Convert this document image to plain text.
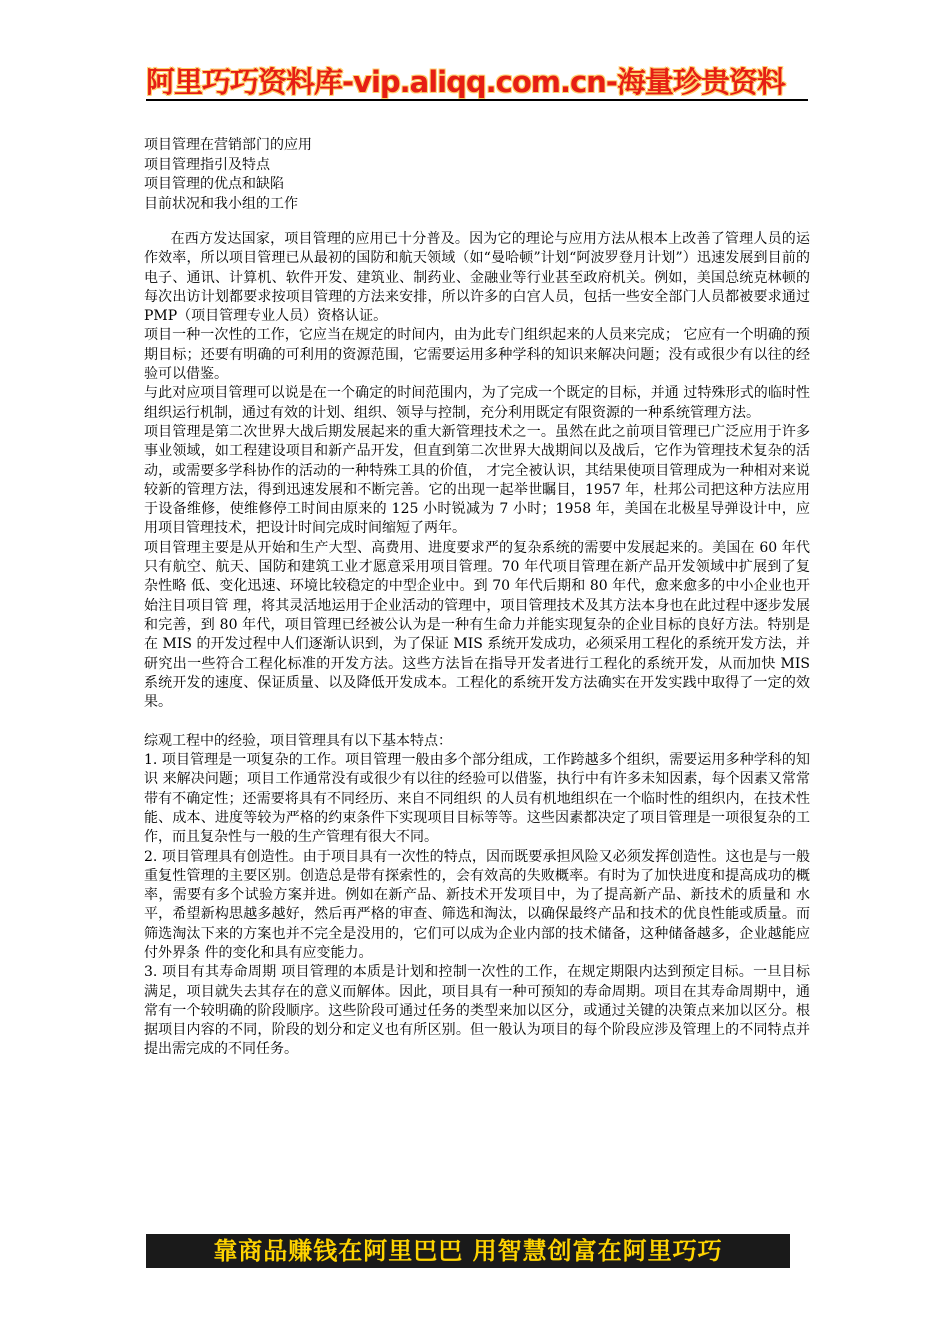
阿里巧巧资料库-vip.aliqq.com.cn-海量珍贵资料
项目管理在营销部门的应用
项目管理指引及特点
项目管理的优点和缺陷
目前状况和我小组的工作

在西方发达国家，项目管理的应用已十分普及。因为它的理论与应用方法从根本上改善了管理人员的运作效率，所以项目管理已从最初的国防和航天领域（如“曼哈顿”计划“阿波罗登月计划”）迅速发展到目前的电子、通讯、计算机、软件开发、建筑业、制药业、金融业等行业甚至政府机关。例如，美国总统克林顿的每次出访计划都要求按项目管理的方法来安排，所以许多的白宫人员，包括一些安全部门人员都被要求通过 PMP（项目管理专业人员）资格认证。

项目一种一次性的工作，它应当在规定的时间内，由为此专门组织起来的人员来完成； 它应有一个明确的预期目标；还要有明确的可利用的资源范围，它需要运用多种学科的知识来解决问题；没有或很少有以往的经验可以借鉴。

与此对应项目管理可以说是在一个确定的时间范围内，为了完成一个既定的目标，并通 过特殊形式的临时性组织运行机制，通过有效的计划、组织、领导与控制，充分利用既定有限资源的一种系统管理方法。

项目管理是第二次世界大战后期发展起来的重大新管理技术之一。虽然在此之前项目管理已广泛应用于许多事业领域，如工程建设项目和新产品开发，但直到第二次世界大战期间以及战后，它作为管理技术复杂的活动，或需要多学科协作的活动的一种特殊工具的价值， 才完全被认识，其结果使项目管理成为一种相对来说较新的管理方法，得到迅速发展和不断完善。它的出现一起举世瞩目，1957 年，杜邦公司把这种方法应用于设备维修，使维修停工时间由原来的 125 小时锐减为 7 小时；1958 年，美国在北极星导弹设计中，应用项目管理技术，把设计时间完成时间缩短了两年。

项目管理主要是从开始和生产大型、高费用、进度要求严的复杂系统的需要中发展起来的。美国在 60 年代只有航空、航天、国防和建筑工业才愿意采用项目管理。70 年代项目管理在新产品开发领域中扩展到了复杂性略 低、变化迅速、环境比较稳定的中型企业中。到 70 年代后期和 80 年代，愈来愈多的中小企业也开始注目项目管 理，将其灵活地运用于企业活动的管理中，项目管理技术及其方法本身也在此过程中逐步发展和完善，到 80 年代，项目管理已经被公认为是一种有生命力并能实现复杂的企业目标的良好方法。特别是在 MIS 的开发过程中人们逐渐认识到，为了保证 MIS 系统开发成功，必须采用工程化的系统开发方法，并研究出一些符合工程化标准的开发方法。这些方法旨在指导开发者进行工程化的系统开发，从而加快 MIS 系统开发的速度、保证质量、以及降低开发成本。工程化的系统开发方法确实在开发实践中取得了一定的效果。

综观工程中的经验，项目管理具有以下基本特点：

1. 项目管理是一项复杂的工作。项目管理一般由多个部分组成，工作跨越多个组织，需要运用多种学科的知识 来解决问题；项目工作通常没有或很少有以往的经验可以借鉴，执行中有许多未知因素，每个因素又常常带有不确定性；还需要将具有不同经历、来自不同组织 的人员有机地组织在一个临时性的组织内，在技术性能、成本、进度等较为严格的约束条件下实现项目目标等等。这些因素都决定了项目管理是一项很复杂的工作，而且复杂性与一般的生产管理有很大不同。

2. 项目管理具有创造性。由于项目具有一次性的特点，因而既要承担风险又必须发挥创造性。这也是与一般重复性管理的主要区别。创造总是带有探索性的，会有效高的失败概率。有时为了加快进度和提高成功的概率，需要有多个试验方案并进。例如在新产品、新技术开发项目中，为了提高新产品、新技术的质量和 水平，希望新构思越多越好，然后再严格的审查、筛选和淘汰，以确保最终产品和技术的优良性能或质量。而筛选淘汰下来的方案也并不完全是没用的，它们可以成为企业内部的技术储备，这种储备越多，企业越能应付外界条 件的变化和具有应变能力。

3. 项目有其寿命周期 项目管理的本质是计划和控制一次性的工作，在规定期限内达到预定目标。一旦目标满足，项目就失去其存在的意义而解体。因此，项目具有一种可预知的寿命周期。项目在其寿命周期中，通常有一个较明确的阶段顺序。这些阶段可通过任务的类型来加以区分，或通过关键的决策点来加以区分。根据项目内容的不同，阶段的划分和定义也有所区别。但一般认为项目的每个阶段应涉及管理上的不同特点并提出需完成的不同任务。

靠商品赚钱在阿里巴巴 用智慧创富在阿里巧巧
